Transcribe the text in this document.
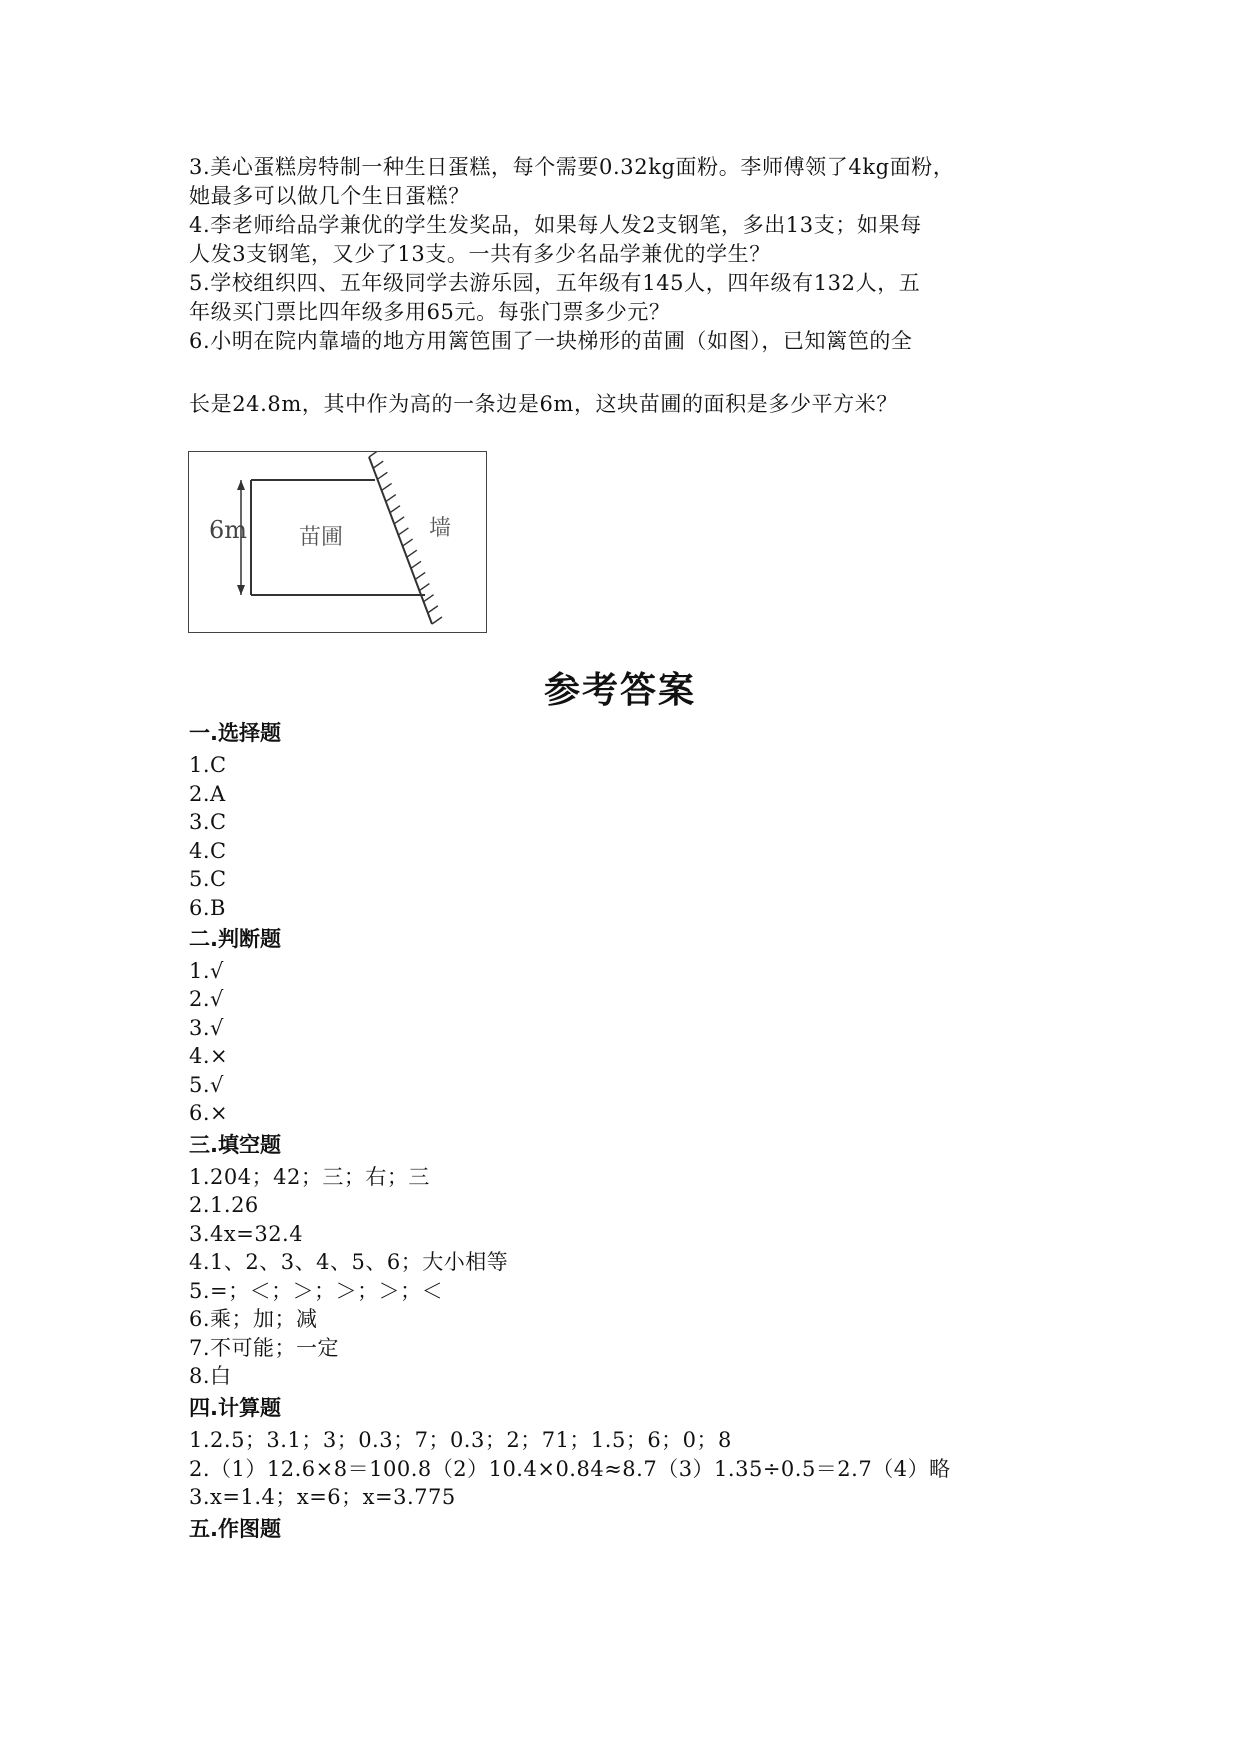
3.美心蛋糕房特制一种生日蛋糕，每个需要0.32kg面粉。李师傅领了4kg面粉，
她最多可以做几个生日蛋糕？
4.李老师给品学兼优的学生发奖品，如果每人发2支钢笔，多出13支；如果每
人发3支钢笔，又少了13支。一共有多少名品学兼优的学生？
5.学校组织四、五年级同学去游乐园，五年级有145人，四年级有132人，五
年级买门票比四年级多用65元。每张门票多少元？
6.小明在院内靠墙的地方用篱笆围了一块梯形的苗圃（如图），已知篱笆的全
长是24.8m，其中作为高的一条边是6m，这块苗圃的面积是多少平方米？
6m 苗圃	墙
参考答案
一.选择题
1.C
2.A
3.C
4.C
5.C
6.B
二.判断题
1.√
2.√
3.√
4.×
5.√
6.×
三.填空题
1.204；42；三；右；三
2.1.26
3.4x=32.4
4.1、2、3、4、5、6；大小相等
5.=；＜；＞；＞；＞；＜
6.乘；加；减
7.不可能；一定
8.白
四.计算题
1.2.5；3.1；3；0.3；7；0.3；2；71；1.5；6；0；8
2.（1）12.6×8＝100.8（2）10.4×0.84≈8.7（3）1.35÷0.5＝2.7（4）略
3.x=1.4；x=6；x=3.775
五.作图题
